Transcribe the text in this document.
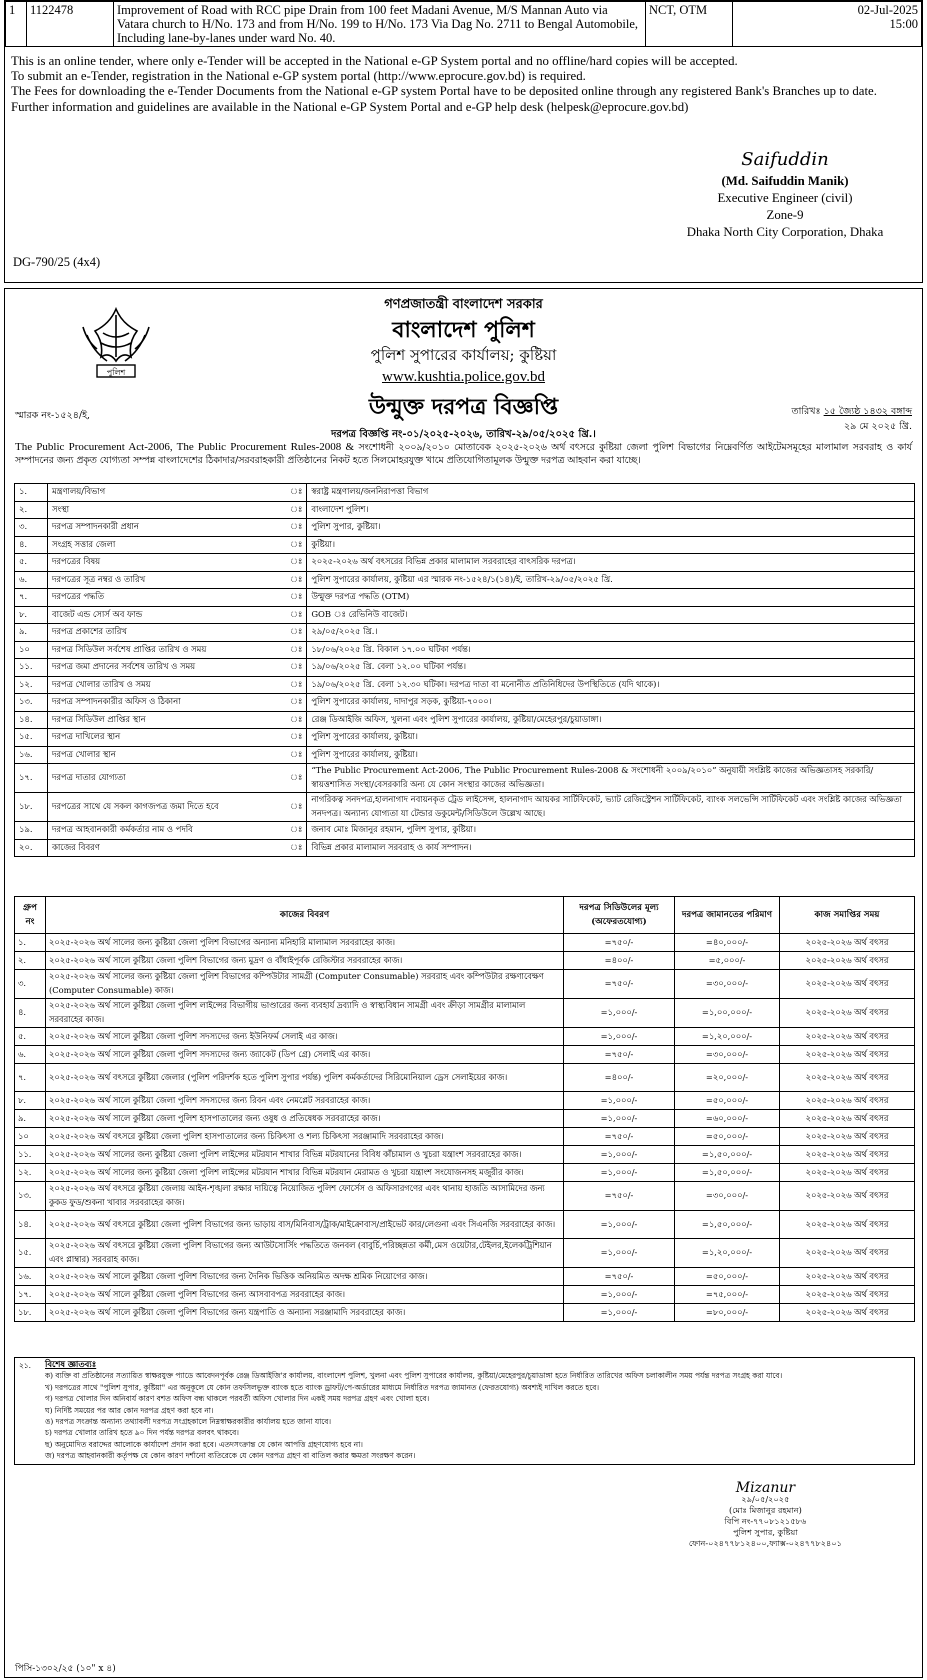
1	1122478	Improvement of Road with RCC pipe Drain from 100 feet Madani Avenue, M/S Mannan Auto via Vatara church to H/No. 173 and from H/No. 199 to H/No. 173 Via Dag No. 2711 to Bengal Automobile, Including lane-by-lanes under ward No. 40.	NCT, OTM	02-Jul-2025
15:00

This is an online tender, where only e-Tender will be accepted in the National e-GP System portal and no offline/hard copies will be accepted.

To submit an e-Tender, registration in the National e-GP system portal (http://www.eprocure.gov.bd) is required.

The Fees for downloading the e-Tender Documents from the National e-GP system Portal have to be deposited online through any registered Bank's Branches up to date.

Further information and guidelines are available in the National e-GP System Portal and e-GP help desk (helpesk@eprocure.gov.bd)

Saifuddin
(Md. Saifuddin Manik)
Executive Engineer (civil)
Zone-9
Dhaka North City Corporation, Dhaka
DG-790/25 (4x4)
পুলিশ
গণপ্রজাতন্ত্রী বাংলাদেশ সরকার
বাংলাদেশ পুলিশ
পুলিশ সুপারের কার্যালয়; কুষ্টিয়া
www.kushtia.police.gov.bd
উন্মুক্ত দরপত্র বিজ্ঞপ্তি
স্মারক নং-১৫২৪/ই,	তারিখঃ ১৫ জ্যৈষ্ঠ ১৪৩২ বঙ্গাব্দ
২৯ মে ২০২৫ খ্রি.
দরপত্র বিজ্ঞপ্তি নং-০১/২০২৫-২০২৬, তারিখ-২৯/০৫/২০২৫ খ্রি.।
The Public Procurement Act-2006, The Public Procurement Rules-2008 & সংশোধনী ২০০৯/২০১০ মোতাবেক ২০২৫-২০২৬ অর্থ বৎসরে কুষ্টিয়া জেলা পুলিশ বিভাগের নিম্নেবর্ণিত আইটেমসমূহের মালামাল সরবরাহ ও কার্য সম্পাদনের জন্য প্রকৃত যোগ্যতা সম্পন্ন বাংলাদেশের ঠিকাদার/সরবরাহকারী প্রতিষ্ঠানের নিকট হতে সিলমোহরযুক্ত খামে প্রতিযোগিতামূলক উন্মুক্ত দরপত্র আহবান করা যাচ্ছে।
১.	মন্ত্রণালয়/বিভাগ	ঃ	স্বরাষ্ট্র মন্ত্রণালয়/জননিরাপত্তা বিভাগ
২.	সংস্থা	ঃ	বাংলাদেশ পুলিশ।
৩.	দরপত্র সম্পাদনকারী প্রধান	ঃ	পুলিশ সুপার, কুষ্টিয়া।
৪.	সংগ্রহ সত্তার জেলা	ঃ	কুষ্টিয়া।
৫.	দরপত্রের বিষয়	ঃ	২০২৫-২০২৬ অর্থ বৎসরের বিভিন্ন প্রকার মালামাল সরবরাহের বাৎসরিক দরপত্র।
৬.	দরপত্রের সূত্র নম্বর ও তারিখ	ঃ	পুলিশ সুপারের কার্যালয়, কুষ্টিয়া এর স্মারক নং-১৫২৪/১(১৪)/ই, তারিখ-২৯/০৫/২০২৫ খ্রি.
৭.	দরপত্রের পদ্ধতি	ঃ	উন্মুক্ত দরপত্র পদ্ধতি (OTM)
৮.	বাজেট এন্ড সোর্স অব ফান্ড	ঃ	GOB ঃ রেভিনিউ বাজেট।
৯.	দরপত্র প্রকাশের তারিখ	ঃ	২৯/০৫/২০২৫ খ্রি.।
১০	দরপত্র সিডিউল সর্বশেষ প্রাপ্তির তারিখ ও সময়	ঃ	১৮/০৬/২০২৫ খ্রি. বিকাল ১৭.০০ ঘটিকা পর্যন্ত।
১১.	দরপত্র জমা প্রদানের সর্বশেষ তারিখ ও সময়	ঃ	১৯/০৬/২০২৫ খ্রি. বেলা ১২.০০ ঘটিকা পর্যন্ত।
১২.	দরপত্র খোলার তারিখ ও সময়	ঃ	১৯/০৬/২০২৫ খ্রি. বেলা ১২.৩০ ঘটিকা। দরপত্র দাতা বা মনোনীত প্রতিনিধিদের উপস্থিতিতে (যদি থাকে)।
১৩.	দরপত্র সম্পাদনকারীর অফিস ও ঠিকানা	ঃ	পুলিশ সুপারের কার্যালয়, দাদাপুর সড়ক, কুষ্টিয়া-৭০০০।
১৪.	দরপত্র সিডিউল প্রাপ্তির স্থান	ঃ	রেঞ্জ ডিআইজি অফিস, খুলনা এবং পুলিশ সুপারের কার্যালয়, কুষ্টিয়া/মেহেরপুর/চুয়াডাঙ্গা।
১৫.	দরপত্র দাখিলের স্থান	ঃ	পুলিশ সুপারের কার্যালয়, কুষ্টিয়া।
১৬.	দরপত্র খোলার স্থান	ঃ	পুলিশ সুপারের কার্যালয়, কুষ্টিয়া।
১৭.	দরপত্র দাতার যোগ্যতা	ঃ	“The Public Procurement Act-2006, The Public Procurement Rules-2008 & সংশোধনী ২০০৯/২০১০” অনুযায়ী সংশ্লিষ্ট কাজের অভিজ্ঞতাসহ সরকারি/স্বায়ত্তশাসিত সংস্থা/বেসরকারি অন্য যে কোন সংস্থার কাজের অভিজ্ঞতা।
১৮.	দরপত্রের সাথে যে সকল কাগজপত্র জমা দিতে হবে	ঃ	নাগরিকত্ব সনদপত্র,হালনাগাদ নবায়নকৃত ট্রেড লাইসেন্স, হালনাগাদ আয়কর সার্টিফিকেট, ভ্যাট রেজিস্ট্রেশন সার্টিফিকেট, ব্যাংক সলভেন্সি সার্টিফিকেট এবং সংশ্লিষ্ট কাজের অভিজ্ঞতা সনদপত্র। অন্যান্য যোগ্যতা যা টেন্ডার ডকুমেন্ট/সিডিউলে উল্লেখ আছে।
১৯.	দরপত্র আহবানকারী কর্মকর্তার নাম ও পদবি	ঃ	জনাব মোঃ মিজানুর রহমান, পুলিশ সুপার, কুষ্টিয়া।
২০.	কাজের বিবরণ	ঃ	বিভিন্ন প্রকার মালামাল সরবরাহ ও কার্য সম্পাদন।
গ্রুপ নং	কাজের বিবরণ	দরপত্র সিডিউলের মূল্য (অফেরতযোগ্য)	দরপত্র জামানতের পরিমাণ	কাজ সমাপ্তির সময়
১.	২০২৫-২০২৬ অর্থ সালের জন্য কুষ্টিয়া জেলা পুলিশ বিভাগের অন্যান্য মনিহারি মালামাল সরবরাহের কাজ।	=৭৫০/-	=৪০,০০০/-	২০২৫-২০২৬ অর্থ বৎসর
২.	২০২৫-২০২৬ অর্থ সালে কুষ্টিয়া জেলা পুলিশ বিভাগের জন্য মুদ্রণ ও বাঁধাইপূর্বক রেজিস্টার সরবরাহের কাজ।	=৪০০/-	=৫,০০০/-	২০২৫-২০২৬ অর্থ বৎসর
৩.	২০২৫-২০২৬ অর্থ সালের জন্য কুষ্টিয়া জেলা পুলিশ বিভাগের কম্পিউটার সামগ্রী (Computer Consumable) সরবরাহ এবং কম্পিউটার রক্ষণাবেক্ষণ (Computer Consumable) কাজ।	=৭৫০/-	=৩০,০০০/-	২০২৫-২০২৬ অর্থ বৎসর
৪.	২০২৫-২০২৬ অর্থ সালে কুষ্টিয়া জেলা পুলিশ লাইন্সের বিভাগীয় ভাণ্ডারের জন্য ব্যবহার্য দ্রব্যাদি ও স্বাস্থ্যবিধান সামগ্রী এবং ক্রীড়া সামগ্রীর মালামাল সরবরাহের কাজ।	=১,০০০/-	=১,০০,০০০/-	২০২৫-২০২৬ অর্থ বৎসর
৫.	২০২৫-২০২৬ অর্থ সালে কুষ্টিয়া জেলা পুলিশ সদস্যদের জন্য ইউনিফর্ম সেলাই এর কাজ।	=১,০০০/-	=১,২০,০০০/-	২০২৫-২০২৬ অর্থ বৎসর
৬.	২০২৫-২০২৬ অর্থ সালে কুষ্টিয়া জেলা পুলিশ সদস্যদের জন্য জ্যাকেট (ডিপ গ্রে) সেলাই এর কাজ।	=৭৫০/-	=৩০,০০০/-	২০২৫-২০২৬ অর্থ বৎসর
৭.	২০২৫-২০২৬ অর্থ বৎসরে কুষ্টিয়া জেলার (পুলিশ পরিদর্শক হতে পুলিশ সুপার পর্যন্ত) পুলিশ কর্মকর্তাদের সিরিমোনিয়াল ড্রেস সেলাইয়ের কাজ।	=৪০০/-	=২০,০০০/-	২০২৫-২০২৬ অর্থ বৎসর
৮.	২০২৫-২০২৬ অর্থ সালে কুষ্টিয়া জেলা পুলিশ সদস্যদের জন্য রিবন এবং নেমপ্লেট সরবরাহের কাজ।	=১,০০০/-	=৫০,০০০/-	২০২৫-২০২৬ অর্থ বৎসর
৯.	২০২৫-২০২৬ অর্থ সালে কুষ্টিয়া জেলা পুলিশ হাসপাতালের জন্য ওষুধ ও প্রতিষেধক সরবরাহের কাজ।	=১,০০০/-	=৬০,০০০/-	২০২৫-২০২৬ অর্থ বৎসর
১০	২০২৫-২০২৬ অর্থ বৎসরে কুষ্টিয়া জেলা পুলিশ হাসপাতালের জন্য চিকিৎসা ও শল্য চিকিৎসা সরঞ্জামাদি সরবরাহের কাজ।	=৭৫০/-	=৫০,০০০/-	২০২৫-২০২৬ অর্থ বৎসর
১১.	২০২৫-২০২৬ অর্থ সালের জন্য কুষ্টিয়া জেলা পুলিশ লাইন্সের মটরযান শাখার বিভিন্ন মটরযানের বিবিধ কাঁচামাল ও খুচরা যন্ত্রাংশ সরবরাহের কাজ।	=১,০০০/-	=১,৫০,০০০/-	২০২৫-২০২৬ অর্থ বৎসর
১২.	২০২৫-২০২৬ অর্থ সালের জন্য কুষ্টিয়া জেলা পুলিশ লাইন্সের মটরযান শাখার বিভিন্ন মটরযান মেরামত ও খুচরা যন্ত্রাংশ সংযোজনসহ মজুরীর কাজ।	=১,০০০/-	=১,৫০,০০০/-	২০২৫-২০২৬ অর্থ বৎসর
১৩.	২০২৫-২০২৬ অর্থ বৎসরে কুষ্টিয়া জেলায় আইন-শৃঙ্খলা রক্ষার দায়িত্বে নিয়োজিত পুলিশ ফোর্সেস ও অফিসারগণের এবং থানায় হাজতি আসামিদের জন্য কুকড ফুড/শুকনা খাবার সরবরাহের কাজ।	=৭৫০/-	=৩০,০০০/-	২০২৫-২০২৬ অর্থ বৎসর
১৪.	২০২৫-২০২৬ অর্থ বৎসরে কুষ্টিয়া জেলা পুলিশ বিভাগের জন্য ভাড়ায় বাস/মিনিবাস/ট্রাক/মাইক্রোবাস/প্রাইভেট কার/লেগুনা এবং সিএনজি সরবরাহের কাজ।	=১,০০০/-	=১,৫০,০০০/-	২০২৫-২০২৬ অর্থ বৎসর
১৫.	২০২৫-২০২৬ অর্থ বৎসরে কুষ্টিয়া জেলা পুলিশ বিভাগের জন্য আউটসোর্সিং পদ্ধতিতে জনবল (বাবুর্চি,পরিচ্ছন্নতা কর্মী,মেস ওয়েটার,টেইলর,ইলেকট্রিশিয়ান এবং প্লাম্বার) সরবরাহ কাজ।	=১,০০০/-	=১,২০,০০০/-	২০২৫-২০২৬ অর্থ বৎসর
১৬.	২০২৫-২০২৬ অর্থ সালে কুষ্টিয়া জেলা পুলিশ বিভাগের জন্য দৈনিক ভিত্তিক অনিয়মিত অদক্ষ শ্রমিক নিয়োগের কাজ।	=৭৫০/-	=৫০,০০০/-	২০২৫-২০২৬ অর্থ বৎসর
১৭.	২০২৫-২০২৬ অর্থ সালে কুষ্টিয়া জেলা পুলিশ বিভাগের জন্য আসবাবপত্র সরবরাহের কাজ।	=১,০০০/-	=৭৫,০০০/-	২০২৫-২০২৬ অর্থ বৎসর
১৮.	২০২৫-২০২৬ অর্থ সালে কুষ্টিয়া জেলা পুলিশ বিভাগের জন্য যন্ত্রপাতি ও অন্যান্য সরঞ্জামাদি সরবরাহের কাজ।	=১,০০০/-	=৮০,০০০/-	২০২৫-২০২৬ অর্থ বৎসর
২১. বিশেষ জ্ঞাতব্যঃ
ক) ব্যক্তি বা প্রতিষ্ঠানের সত্যায়িত স্বাক্ষরযুক্ত প্যাডে আবেদনপূর্বক রেঞ্জ ডিআইজি'র কার্যালয়, বাংলাদেশ পুলিশ, খুলনা এবং পুলিশ সুপারের কার্যালয়, কুষ্টিয়া/মেহেরপুর/চুয়াডাঙ্গা হতে নির্ধারিত তারিখের অফিস চলাকালীন সময় পর্যন্ত দরপত্র সংগ্রহ করা যাবে।
খ) দরপত্রের সাথে "পুলিশ সুপার, কুষ্টিয়া" এর অনুকূলে যে কোন তফসিলভুক্ত ব্যাংক হতে ব্যাংক ড্রাফট/পে-অর্ডারের মাধ্যমে নির্ধারিত দরপত্র জামানত (ফেরতযোগ্য) অবশ্যই দাখিল করতে হবে।
গ) দরপত্র খোলার দিন অনিবার্য কারণ বশত অফিস বন্ধ থাকলে পরবর্তী অফিস খোলার দিন একই সময় দরপত্র গ্রহণ এবং খোলা হবে।
ঘ) নির্দিষ্ট সময়ের পর আর কোন দরপত্র গ্রহণ করা হবে না।
ঙ) দরপত্র সংক্রান্ত অন্যান্য তথ্যাবলী দরপত্র সংগ্রহকালে নিম্নস্বাক্ষরকারীর কার্যালয় হতে জানা যাবে।
চ) দরপত্র খোলার তারিখ হতে ৯০ দিন পর্যন্ত দরপত্র বলবৎ থাকবে।
ছ) অনুমোদিত বরাদ্দের আলোকে কার্যাদেশ প্রদান করা হবে। এতদসংক্রান্ত যে কোন আপত্তি গ্রহণযোগ্য হবে না।
জ) দরপত্র আহবানকারী কর্তৃপক্ষ যে কোন কারণ দর্শানো ব্যতিরেকে যে কোন দরপত্র গ্রহণ বা বাতিল করার ক্ষমতা সংরক্ষণ করেন।
Mizanur
২৯/০৫/২০২৫
(মোঃ মিজানুর রহমান)
বিপি নং-৭৭০৮১২১৫৮৬
পুলিশ সুপার, কুষ্টিয়া
ফোন-০২৪৭৭৮১২৪০০,ফ্যাক্স-০২৪৭৭৮২৪০১
পিসি-১৩০২/২৫ (১০" x ৪)
